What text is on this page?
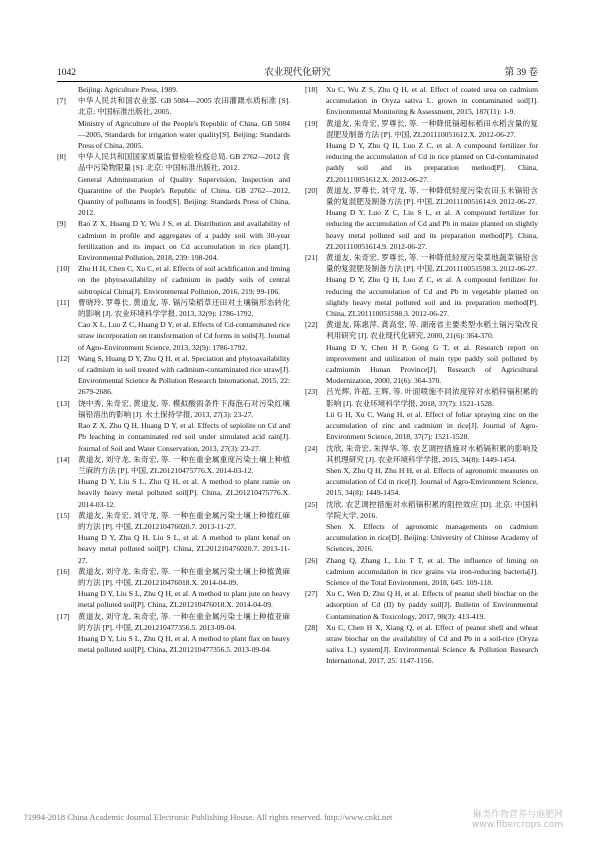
1042	农业现代化研究	第 39 卷

Beijing: Agriculture Press, 1989.

[7] 中华人民共和国农业部. GB 5084—2005 农田灌溉水质标准 [S]. 北京: 中国标准出版社, 2005.

Ministry of Agriculture of the People's Republic of China. GB 5084—2005, Standards for irrigation water quality[S]. Beijing: Standards Press of China, 2005.

[8] 中华人民共和国国家质量监督检验检疫总局. GB 2762—2012 食品中污染物限量 [S]. 北京: 中国标准出版社, 2012.

General Administration of Quality Supervision, Inspection and Quarantine of the People's Republic of China. GB 2762—2012, Quantity of pollutants in food[S]. Beijing: Standards Press of China, 2012.

[9] Rao Z X, Huang D Y, Wu J S, et al. Distribution and availability of cadmium in profile and aggregates of a paddy soil with 30-year fertilization and its impact on Cd accumulation in rice plant[J]. Environmental Pollution, 2018, 239: 198-204.

[10] Zhu H H, Chen C, Xu C, et al. Effects of soil acidification and liming on the phytoavailability of cadmium in paddy soils of central subtropical China[J]. Environmental Pollution, 2016, 219: 99-106.

[11] 曹晓玲, 罗尊长, 黄道友, 等. 镉污染稻草还田对土壤镉形态转化的影响 [J]. 农业环境科学学报, 2013, 32(9): 1786-1792.

Cao X L, Luo Z C, Huang D Y, et al. Effects of Cd-contaminated rice straw incorporation on transformation of Cd forms in soils[J]. Journal of Agro-Environment Science, 2013, 32(9): 1786-1792.

[12] Wang S, Huang D Y, Zhu Q H, et al. Speciation and phytoavailability of cadmium in soil treated with cadmium-contaminated rice straw[J]. Environmental Science & Pollution Research International, 2015, 22: 2679-2686.

[13] 饶中秀, 朱奇宏, 黄道友, 等. 模拟酸雨条件下海泡石对污染红壤镉铅溶出的影响 [J]. 水土保持学报, 2013, 27(3): 23-27.

Rao Z X, Zhu Q H, Huang D Y, et al. Effects of sepiolite on Cd and Pb leaching in contaminated red soil under simulated acid rain[J]. Journal of Soil and Water Conservation, 2013, 27(3): 23-27.

[14] 黄道友, 刘守龙, 朱奇宏, 等. 一种在重金属重度污染土壤上种植兰麻的方法 [P]. 中国, ZL201210475776.X. 2014-03-12.

Huang D Y, Liu S L, Zhu Q H, et al. A method to plant ramie on heavily heavy metal polluted soil[P]. China, ZL201210475776.X. 2014-03-12.

[15] 黄道友, 朱奇宏, 刘守龙, 等. 一种在重金属污染土壤上种植红麻的方法 [P]. 中国, ZL201210476020.7. 2013-11-27.

Huang D Y, Zhu Q H, Liu S L, et al. A method to plant kenaf on heavy metal polluted soil[P]. China, ZL201210476020.7. 2013-11-27.

[16] 黄道友, 刘守龙, 朱奇宏, 等. 一种在重金属污染土壤上种植黄麻的方法 [P]. 中国, ZL201210476018.X. 2014-04-09.

Huang D Y, Liu S L, Zhu Q H, et al. A method to plant jute on heavy metal polluted soil[P]. China, ZL201210476018.X. 2014-04-09.

[17] 黄道友, 刘守龙, 朱奇宏, 等. 一种在重金属污染土壤上种植亚麻的方法 [P]. 中国, ZL201210477356.5. 2013-09-04.

Huang D Y, Liu S L, Zhu Q H, et al. A method to plant flax on heavy metal polluted soil[P]. China, ZL201210477356.5. 2013-09-04.

[18] Xu C, Wu Z S, Zhu Q H, et al. Effect of coated urea on cadmium accumulation in Oryza sativa L. grown in contaminated soil[J]. Environmental Monitoring & Assessment, 2015, 187(11): 1-9.

[19] 黄道友, 朱奇宏, 罗尊长, 等. 一种降低镉超标稻田水稻含量的复混肥及制备方法 [P]. 中国, ZL201110051612.X. 2012-06-27.

Huang D Y, Zhu Q H, Luo Z C, et al. A compound fertilizer for reducing the accumulation of Cd in rice planted on Cd-contaminated paddy soil and its preparation method[P]. China, ZL201110051612.X. 2012-06-27.

[20] 黄道友, 罗尊长, 刘守龙, 等. 一种降低轻度污染农田玉米镉铅含量的复混肥及制备方法 [P]. 中国, ZL201110051614.9. 2012-06-27.

Huang D Y, Luo Z C, Liu S L, et al. A compound fertilizer for reducing the accumulation of Cd and Pb in maize planted on slightly heavy metal polluted soil and its preparation method[P]. China, ZL201110051614.9. 2012-06-27.

[21] 黄道友, 朱奇宏, 罗尊长, 等. 一种降低轻度污染菜地蔬菜镉铅含量的复混肥及制备方法 [P]. 中国, ZL201110051598.3. 2012-06-27.

Huang D Y, Zhu Q H, Luo Z C, et al. A compound fertilizer for reducing the accumulation of Cd and Pb in vegetable planted on slightly heavy metal polluted soil and its preparation method[P]. China, ZL201110051598.3. 2012-06-27.

[22] 黄道友, 陈惠萍, 龚高堂, 等. 湖南省主要类型水稻土镉污染改良利用研究 [J]. 农业现代化研究, 2000, 21(6): 364-370.

Huang D Y, Chen H P, Gong G T, et al. Research report on improvement and utilization of main type paddy soil polluted by cadmiumin Hunan Province[J]. Research of Agricultural Modernization, 2000, 21(6): 364-370.

[23] 吕光辉, 许超, 王辉, 等. 叶面喷施不同浓度锌对水稻锌镉积累的影响 [J]. 农业环境科学学报, 2018, 37(7): 1521-1528.

Lü G H, Xu C, Wang H, et al. Effect of foliar spraying zinc on the accumulation of zinc and cadmium in rice[J]. Journal of Agro-Environment Science, 2018, 37(7): 1521-1528.

[24] 沈欣, 朱奇宏, 朱捍华, 等. 农艺调控措施对水稻镉积累的影响及其机理研究 [J]. 农业环境科学学报, 2015, 34(8): 1449-1454.

Shen X, Zhu Q H, Zhu H H, et al. Effects of agronomic measures on accumulation of Cd in rice[J]. Journal of Agro-Environment Science, 2015, 34(8): 1449-1454.

[25] 沈欣. 农艺调控措施对水稻镉积累的阻控效应 [D]. 北京: 中国科学院大学, 2016.

Shen X. Effects of agronomic managements on cadmium accumulation in rice[D]. Beijing: University of Chinese Academy of Sciences, 2016.

[26] Zhang Q, Zhang L, Liu T T, et al. The influence of liming on cadmium accumulation in rice grains via iron-reducing bacteria[J]. Science of the Total Environment, 2018, 645: 109-118.

[27] Xu C, Wen D, Zhu Q H, et al. Effects of peanut shell biochar on the adsorption of Cd (II) by paddy soil[J]. Bulletin of Environmental Contamination & Toxicology, 2017, 98(3): 413-419.

[28] Xu C, Chen H X, Xiang Q, et al. Effect of peanut shell and wheat straw biochar on the availability of Cd and Pb in a soil-rice (Oryza sativa L.) system[J]. Environmental Science & Pollution Research International, 2017, 25: 1147-1156.

?1994-2018 China Academic Journal Electronic Publishing House. All rights reserved. http://www.cnki.net	麻类作物营养与施肥网
www.fibercrops.com
